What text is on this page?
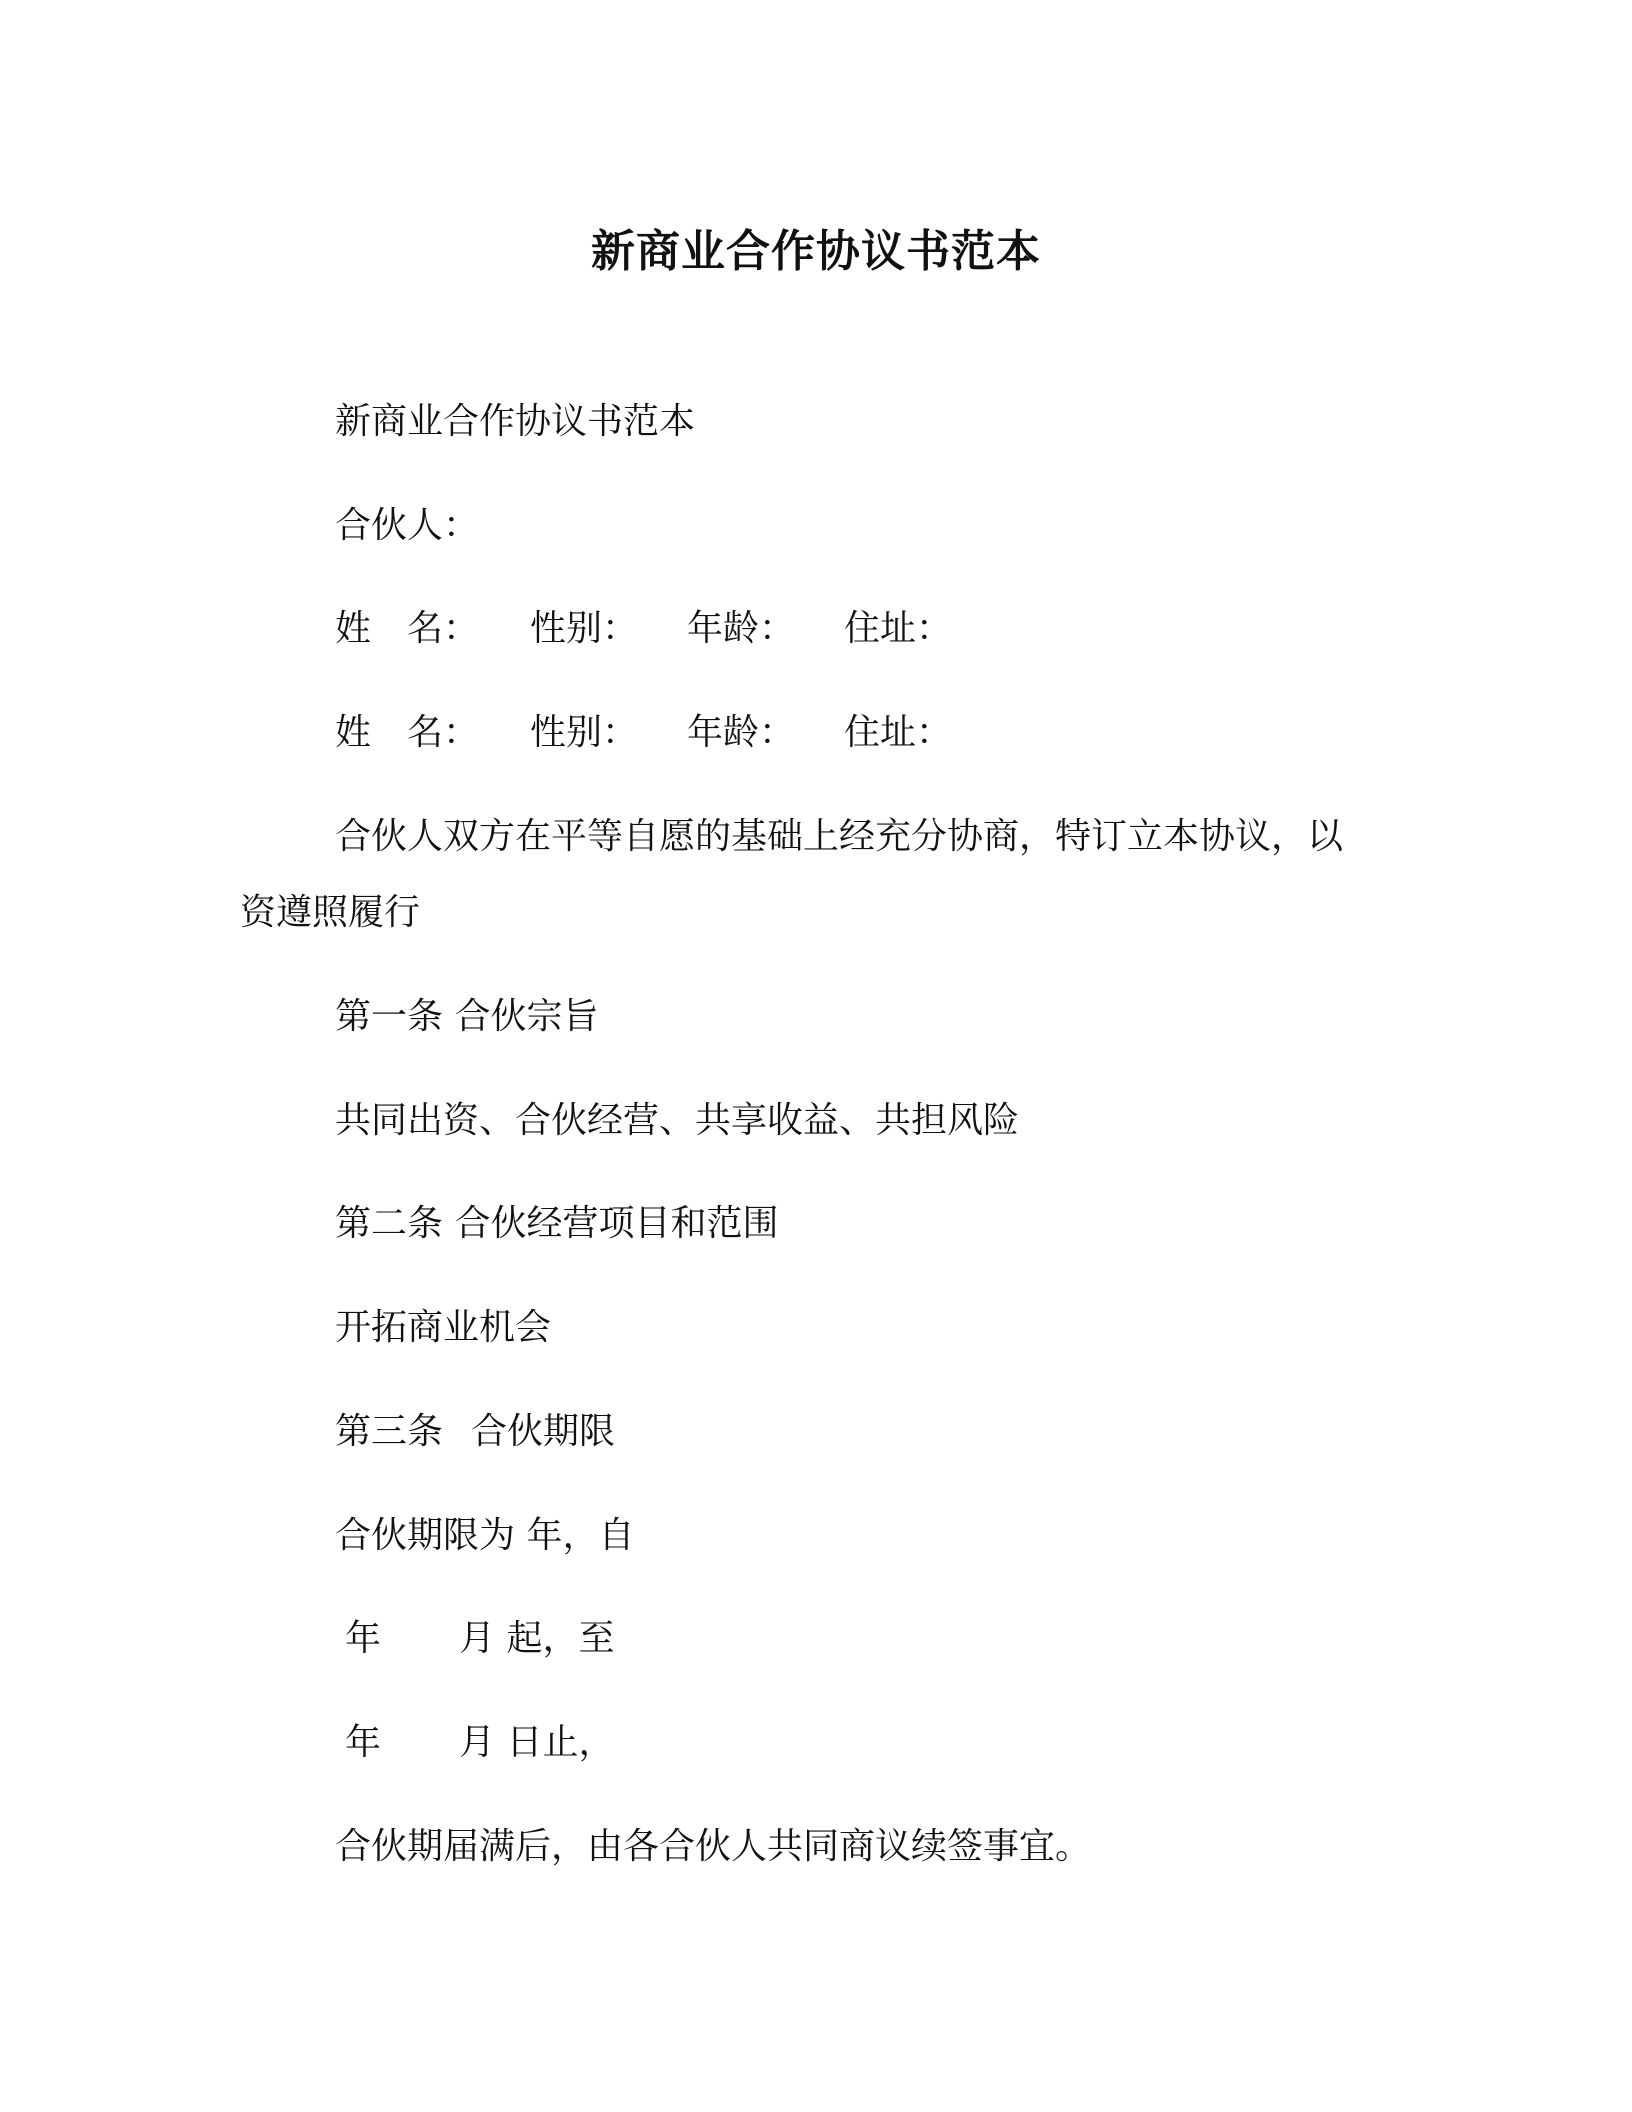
新商业合作协议书范本
新商业合作协议书范本
合伙人：
姓　名： 性别： 年龄： 住址：
姓　名： 性别： 年龄： 住址：
合伙人双方在平等自愿的基础上经充分协商，特订立本协议，以
资遵照履行
第一条 合伙宗旨
共同出资、合伙经营、共享收益、共担风险
第二条 合伙经营项目和范围
开拓商业机会
第三条 合伙期限
合伙期限为 年，自
年 月 起，至
年 月 日止，
合伙期届满后，由各合伙人共同商议续签事宜。
